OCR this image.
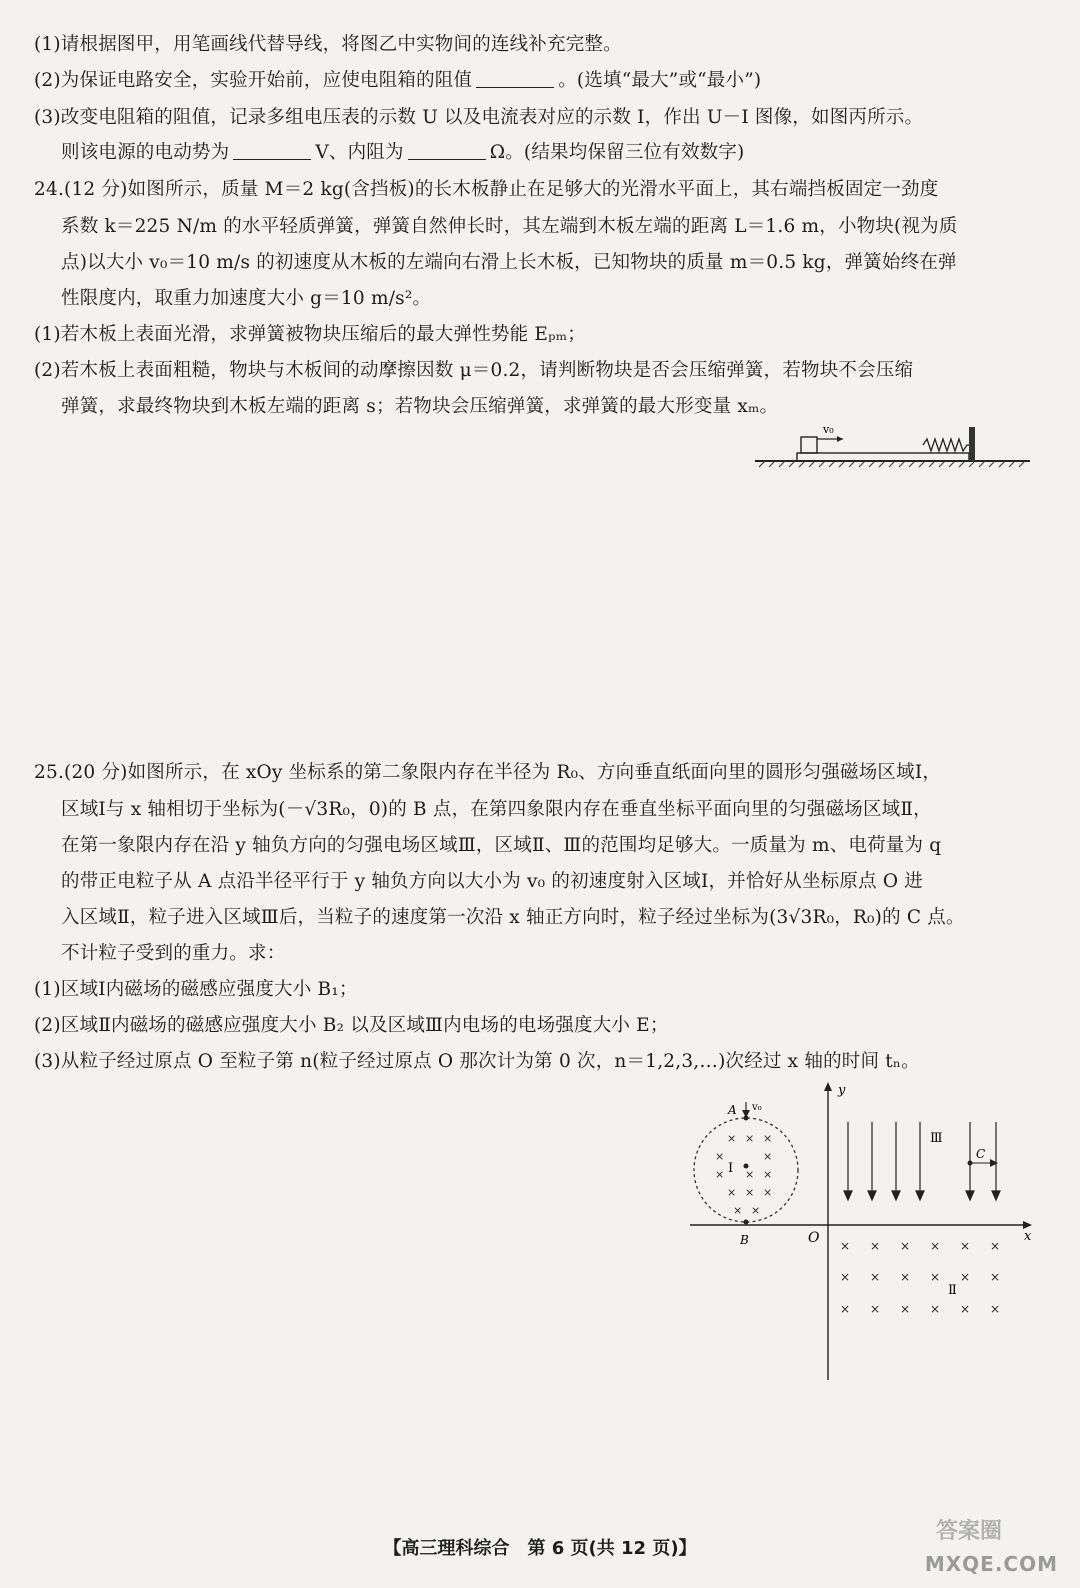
(1)请根据图甲，用笔画线代替导线，将图乙中实物间的连线补充完整。
(2)为保证电路安全，实验开始前，应使电阻箱的阻值	。(选填“最大”或“最小”)
(3)改变电阻箱的阻值，记录多组电压表的示数 U 以及电流表对应的示数 I，作出 U－I 图像，如图丙所示。
则该电源的电动势为	V、内阻为	Ω。(结果均保留三位有效数字)
24.(12 分)如图所示，质量 M＝2 kg(含挡板)的长木板静止在足够大的光滑水平面上，其右端挡板固定一劲度
系数 k＝225 N/m 的水平轻质弹簧，弹簧自然伸长时，其左端到木板左端的距离 L＝1.6 m，小物块(视为质
点)以大小 v₀＝10 m/s 的初速度从木板的左端向右滑上长木板，已知物块的质量 m＝0.5 kg，弹簧始终在弹
性限度内，取重力加速度大小 g＝10 m/s²。
(1)若木板上表面光滑，求弹簧被物块压缩后的最大弹性势能 Eₚₘ；
(2)若木板上表面粗糙，物块与木板间的动摩擦因数 μ＝0.2，请判断物块是否会压缩弹簧，若物块不会压缩
弹簧，求最终物块到木板左端的距离 s；若物块会压缩弹簧，求弹簧的最大形变量 xₘ。
v₀
25.(20 分)如图所示，在 xOy 坐标系的第二象限内存在半径为 R₀、方向垂直纸面向里的圆形匀强磁场区域Ⅰ，
区域Ⅰ与 x 轴相切于坐标为(－√3R₀，0)的 B 点，在第四象限内存在垂直坐标平面向里的匀强磁场区域Ⅱ，
在第一象限内存在沿 y 轴负方向的匀强电场区域Ⅲ，区域Ⅱ、Ⅲ的范围均足够大。一质量为 m、电荷量为 q
的带正电粒子从 A 点沿半径平行于 y 轴负方向以大小为 v₀ 的初速度射入区域Ⅰ，并恰好从坐标原点 O 进
入区域Ⅱ，粒子进入区域Ⅲ后，当粒子的速度第一次沿 x 轴正方向时，粒子经过坐标为(3√3R₀，R₀)的 C 点。
不计粒子受到的重力。求：
(1)区域Ⅰ内磁场的磁感应强度大小 B₁；
(2)区域Ⅱ内磁场的磁感应强度大小 B₂ 以及区域Ⅲ内电场的电场强度大小 E；
(3)从粒子经过原点 O 至粒子第 n(粒子经过原点 O 那次计为第 0 次，n＝1,2,3,…)次经过 x 轴的时间 tₙ。
y
x
O
× × ×
×	×
× × ×
× × ×
× ×
Ⅰ
A v₀
B
Ⅲ
C
× × × × × ×
× × × × × ×
× × × × × ×
Ⅱ
【高三理科综合　第 6 页(共 12 页)】
答案圈
MXQE.COM
